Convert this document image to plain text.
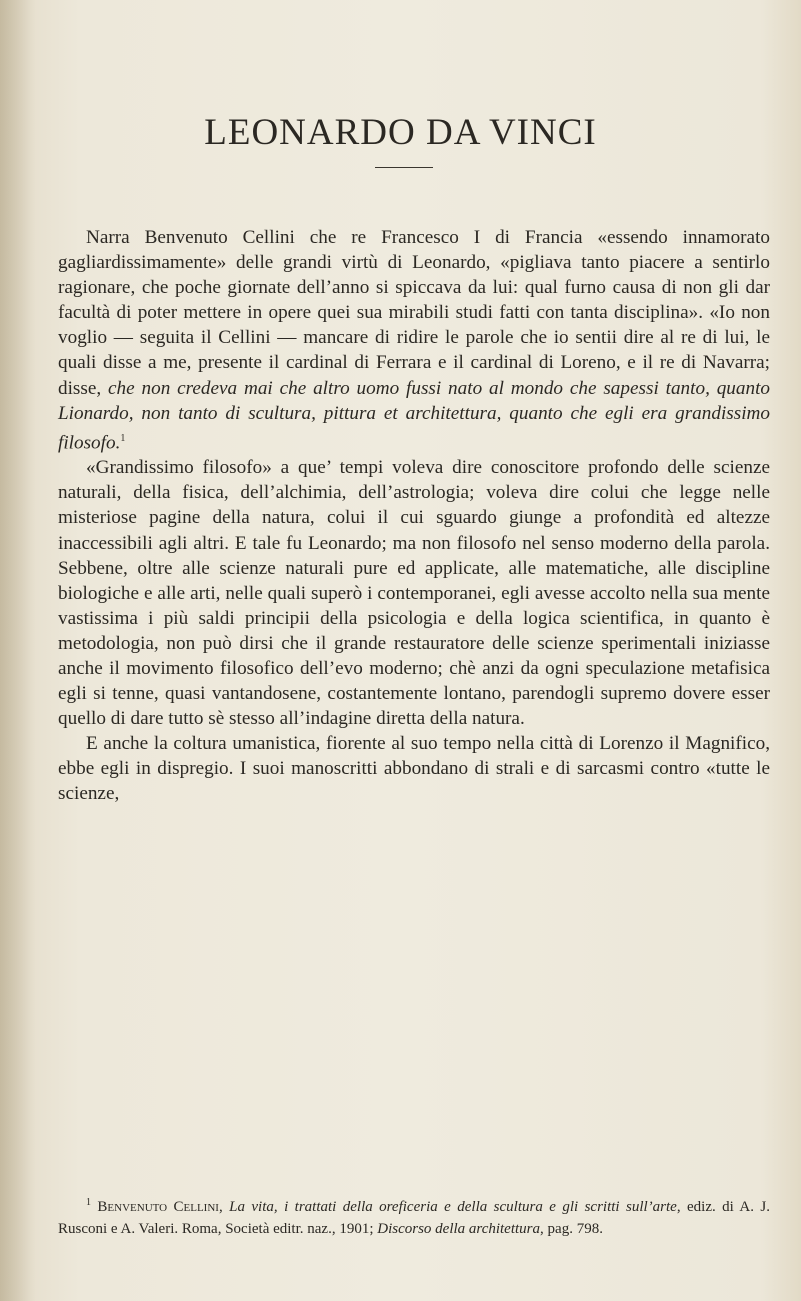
LEONARDO DA VINCI

Narra Benvenuto Cellini che re Francesco I di Francia «essendo innamorato gagliardissimamente» delle grandi virtù di Leonardo, «pigliava tanto piacere a sentirlo ragionare, che poche giornate dell’anno si spiccava da lui: qual furno causa di non gli dar facultà di poter mettere in opere quei sua mirabili studi fatti con tanta disciplina». «Io non voglio — seguita il Cellini — mancare di ridire le parole che io sentii dire al re di lui, le quali disse a me, presente il cardinal di Ferrara e il cardinal di Loreno, e il re di Navarra; disse, che non credeva mai che altro uomo fussi nato al mondo che sapessi tanto, quanto Lionardo, non tanto di scultura, pittura et architettura, quanto che egli era grandissimo filosofo.$^1$

«Grandissimo filosofo» a que’ tempi voleva dire conoscitore profondo delle scienze naturali, della fisica, dell’alchimia, dell’astrologia; voleva dire colui che legge nelle misteriose pagine della natura, colui il cui sguardo giunge a profondità ed altezze inaccessibili agli altri. E tale fu Leonardo; ma non filosofo nel senso moderno della parola. Sebbene, oltre alle scienze naturali pure ed applicate, alle matematiche, alle discipline biologiche e alle arti, nelle quali superò i contemporanei, egli avesse accolto nella sua mente vastissima i più saldi principii della psicologia e della logica scientifica, in quanto è metodologia, non può dirsi che il grande restauratore delle scienze sperimentali iniziasse anche il movimento filosofico dell’evo moderno; chè anzi da ogni speculazione metafisica egli si tenne, quasi vantandosene, costantemente lontano, parendogli supremo dovere esser quello di dare tutto sè stesso all’indagine diretta della natura.

E anche la coltura umanistica, fiorente al suo tempo nella città di Lorenzo il Magnifico, ebbe egli in dispregio. I suoi manoscritti abbondano di strali e di sarcasmi contro «tutte le scienze,

$^1$ Benvenuto Cellini, La vita, i trattati della oreficeria e della scultura e gli scritti sull’arte, ediz. di A. J. Rusconi e A. Valeri. Roma, Società editr. naz., 1901; Discorso della architettura, pag. 798.
